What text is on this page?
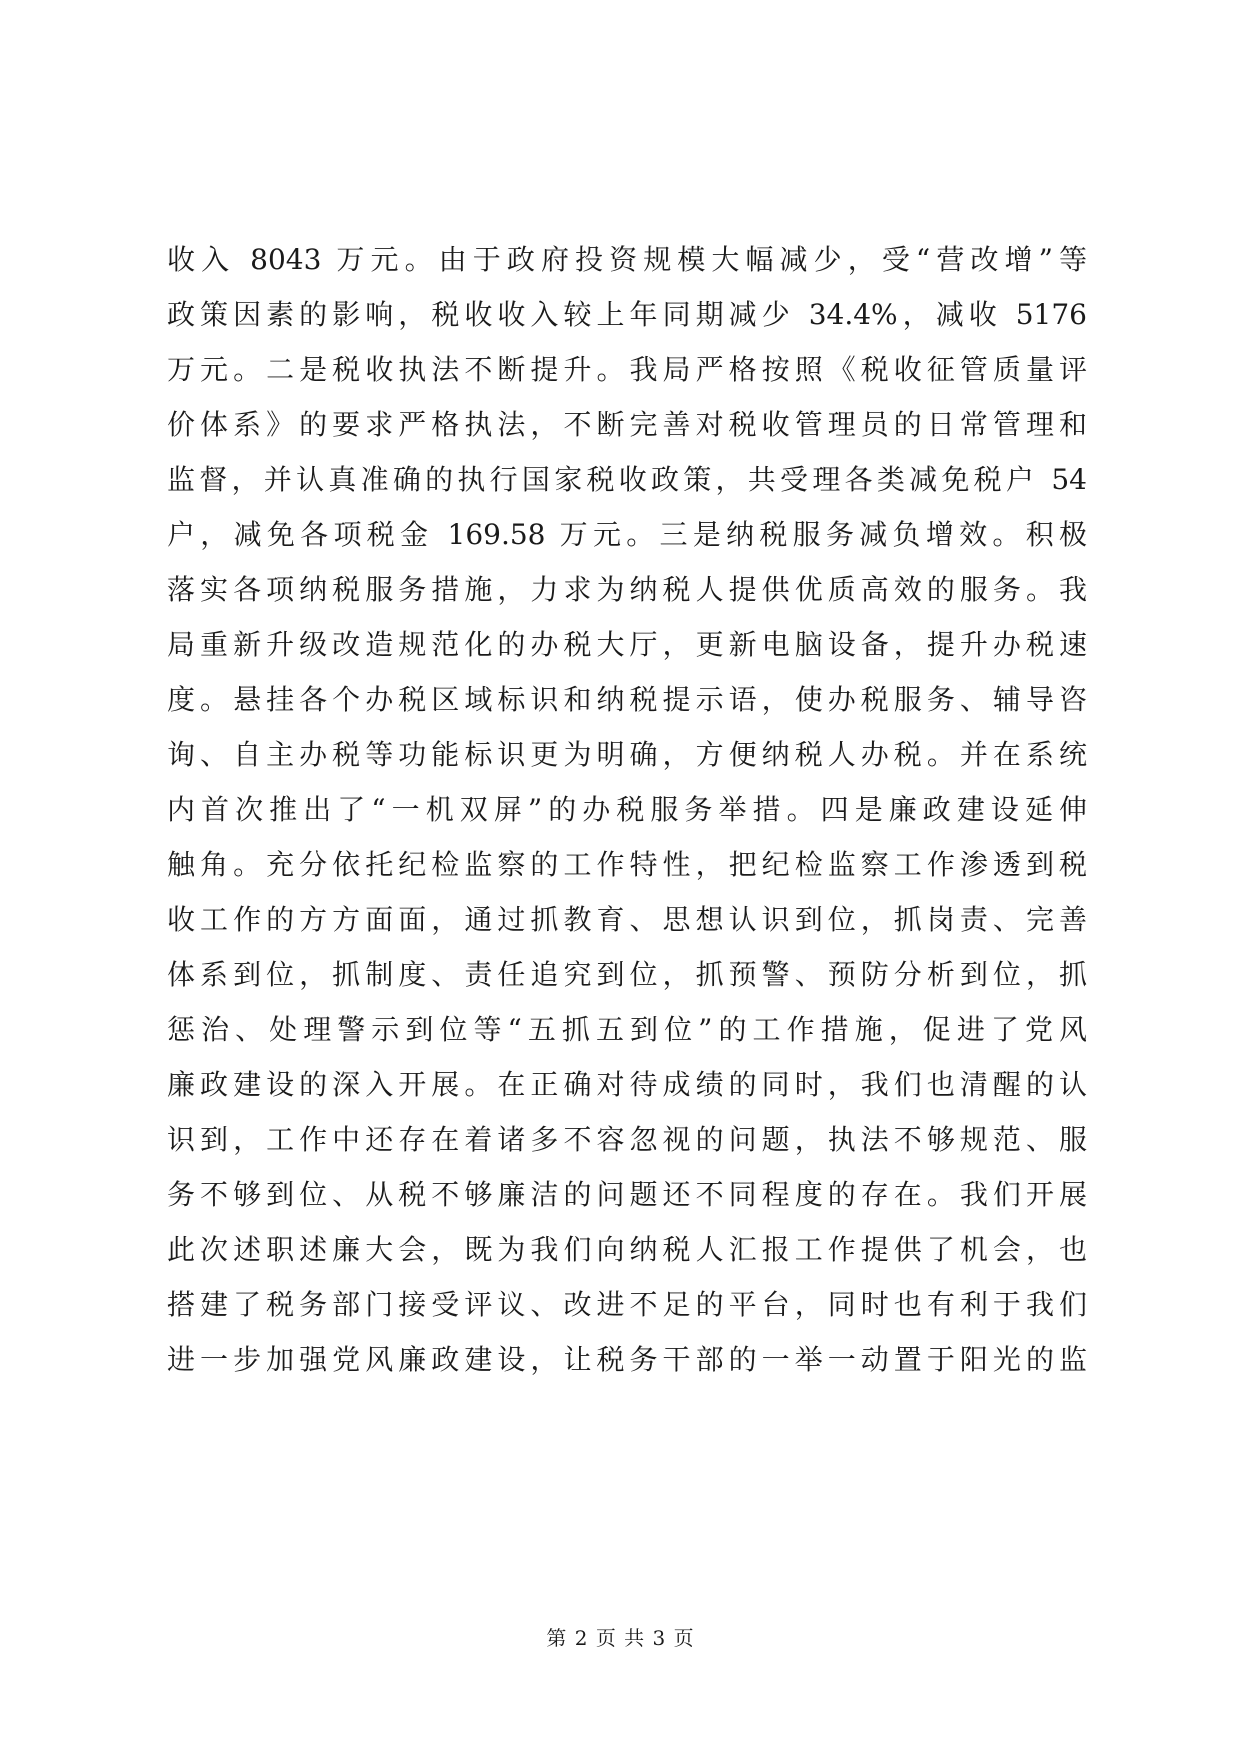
收入 8043 万元。由于政府投资规模大幅减少，受“营改增”等
政策因素的影响，税收收入较上年同期减少 34.4%，减收 5176
万元。二是税收执法不断提升。我局严格按照《税收征管质量评
价体系》的要求严格执法，不断完善对税收管理员的日常管理和
监督，并认真准确的执行国家税收政策，共受理各类减免税户 54
户，减免各项税金 169.58 万元。三是纳税服务减负增效。积极
落实各项纳税服务措施，力求为纳税人提供优质高效的服务。我
局重新升级改造规范化的办税大厅，更新电脑设备，提升办税速
度。悬挂各个办税区域标识和纳税提示语，使办税服务、辅导咨
询、自主办税等功能标识更为明确，方便纳税人办税。并在系统
内首次推出了“一机双屏”的办税服务举措。四是廉政建设延伸
触角。充分依托纪检监察的工作特性，把纪检监察工作渗透到税
收工作的方方面面，通过抓教育、思想认识到位，抓岗责、完善
体系到位，抓制度、责任追究到位，抓预警、预防分析到位，抓
惩治、处理警示到位等“五抓五到位”的工作措施，促进了党风
廉政建设的深入开展。在正确对待成绩的同时，我们也清醒的认
识到，工作中还存在着诸多不容忽视的问题，执法不够规范、服
务不够到位、从税不够廉洁的问题还不同程度的存在。我们开展
此次述职述廉大会，既为我们向纳税人汇报工作提供了机会，也
搭建了税务部门接受评议、改进不足的平台，同时也有利于我们
进一步加强党风廉政建设，让税务干部的一举一动置于阳光的监
第 2 页 共 3 页
